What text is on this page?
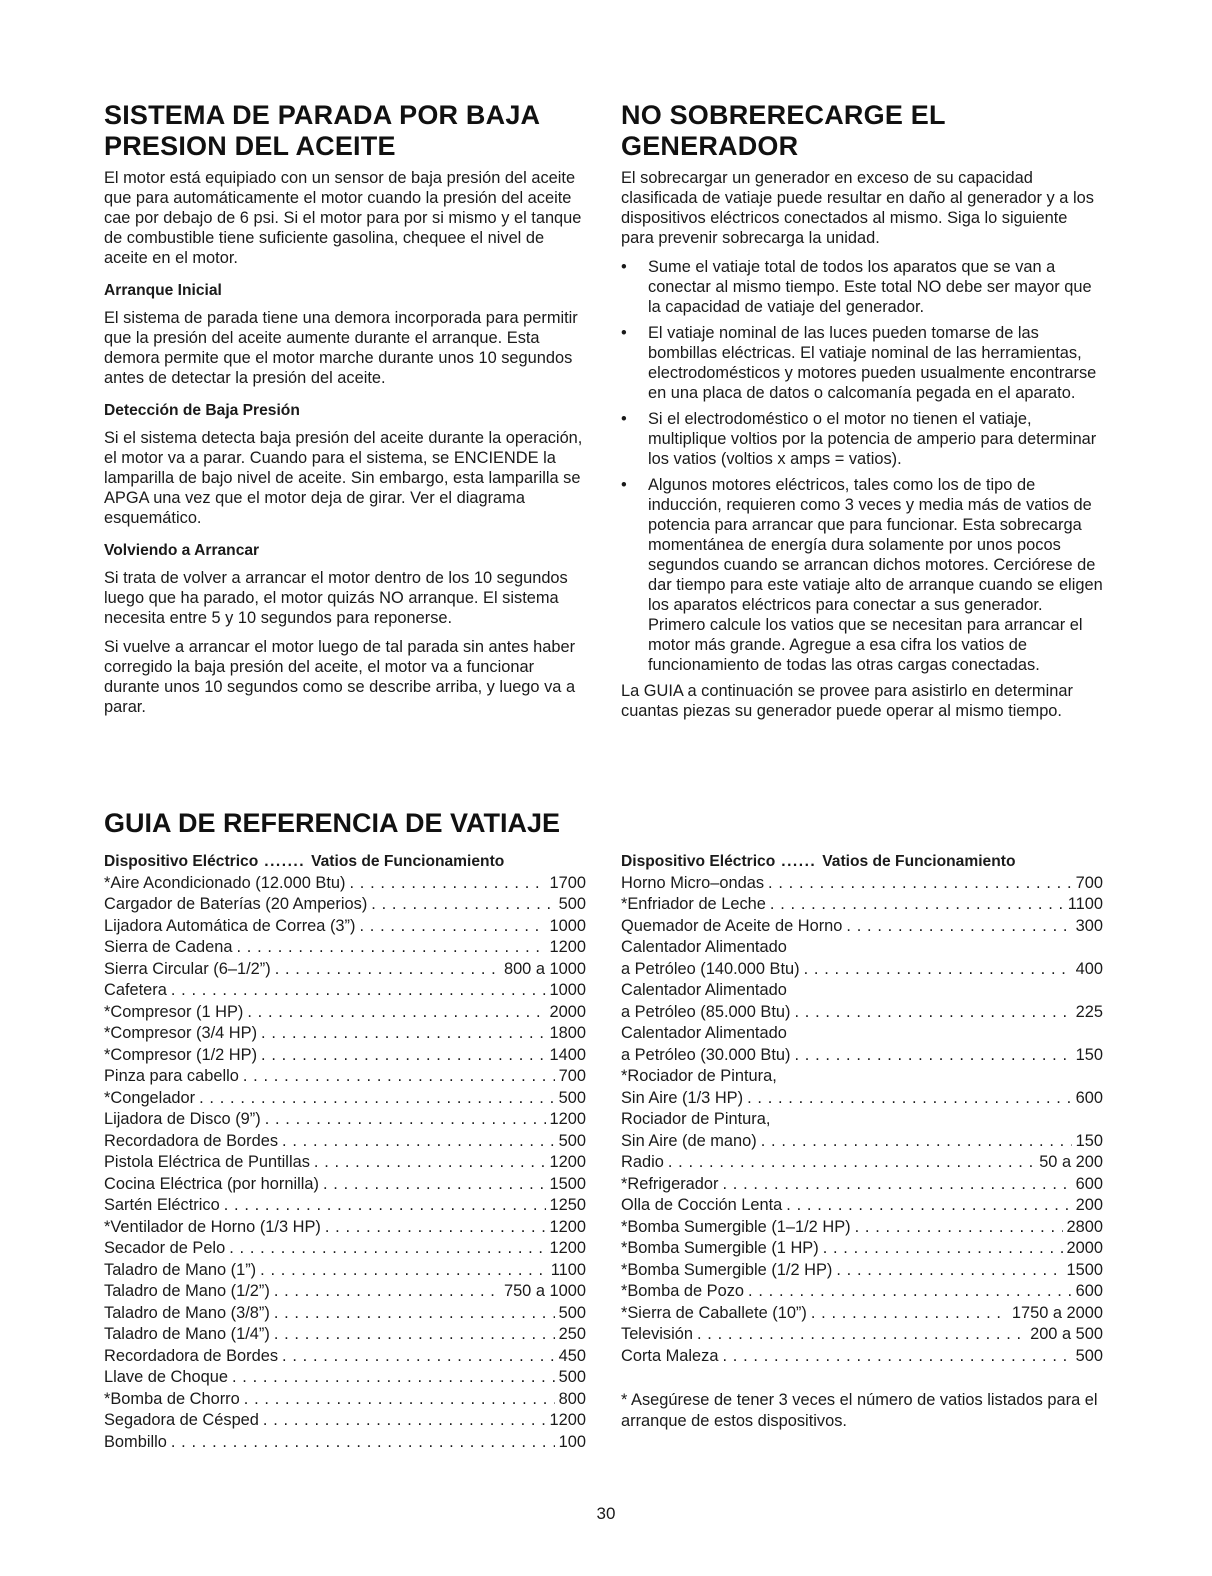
SISTEMA DE PARADA POR BAJA PRESION DEL ACEITE

El motor está equipiado con un sensor de baja presión del aceite que para automáticamente el motor cuando la presión del aceite cae por debajo de 6 psi. Si el motor para por si mismo y el tanque de combustible tiene suficiente gasolina, chequee el nivel de aceite en el motor.

Arranque Inicial

El sistema de parada tiene una demora incorporada para permitir que la presión del aceite aumente durante el arranque. Esta demora permite que el motor marche durante unos 10 segundos antes de detectar la presión del aceite.

Detección de Baja Presión

Si el sistema detecta baja presión del aceite durante la operación, el motor va a parar. Cuando para el sistema, se ENCIENDE la lamparilla de bajo nivel de aceite. Sin embargo, esta lamparilla se APGA una vez que el motor deja de girar. Ver el diagrama esquemático.

Volviendo a Arrancar

Si trata de volver a arrancar el motor dentro de los 10 segundos luego que ha parado, el motor quizás NO arranque. El sistema necesita entre 5 y 10 segundos para reponerse.

Si vuelve a arrancar el motor luego de tal parada sin antes haber corregido la baja presión del aceite, el motor va a funcionar durante unos 10 segundos como se describe arriba, y luego va a parar.

NO SOBRERECARGE EL GENERADOR

El sobrecargar un generador en exceso de su capacidad clasificada de vatiaje puede resultar en daño al generador y a los dispositivos eléctricos conectados al mismo. Siga lo siguiente para prevenir sobrecarga la unidad.

• Sume el vatiaje total de todos los aparatos que se van a conectar al mismo tiempo. Este total NO debe ser mayor que la capacidad de vatiaje del generador.
• El vatiaje nominal de las luces pueden tomarse de las bombillas eléctricas. El vatiaje nominal de las herramientas, electrodomésticos y motores pueden usualmente encontrarse en una placa de datos o calcomanía pegada en el aparato.
• Si el electrodoméstico o el motor no tienen el vatiaje, multiplique voltios por la potencia de amperio para determinar los vatios (voltios x amps = vatios).
• Algunos motores eléctricos, tales como los de tipo de inducción, requieren como 3 veces y media más de vatios de potencia para arrancar que para funcionar. Esta sobrecarga momentánea de energía dura solamente por unos pocos segundos cuando se arrancan dichos motores. Cerciórese de dar tiempo para este vatiaje alto de arranque cuando se eligen los aparatos eléctricos para conectar a sus generador. Primero calcule los vatios que se necesitan para arrancar el motor más grande. Agregue a esa cifra los vatios de funcionamiento de todas las otras cargas conectadas.

La GUIA a continuación se provee para asistirlo en determinar cuantas piezas su generador puede operar al mismo tiempo.

GUIA DE REFERENCIA DE VATIAJE
Dispositivo Eléctrico ....... Vatios de Funcionamiento
*Aire Acondicionado (12.000 Btu) . . .	1700
Cargador de Baterías (20 Amperios) . . .	500
Lijadora Automática de Correa (3”) . . .	1000
Sierra de Cadena . . .	1200
Sierra Circular (6–1/2”) . . .	800 a 1000
Cafetera . . .	1000
*Compresor (1 HP) . . .	2000
*Compresor (3/4 HP) . . .	1800
*Compresor (1/2 HP) . . .	1400
Pinza para cabello . . .	700
*Congelador . . .	500
Lijadora de Disco (9”) . . .	1200
Recordadora de Bordes . . .	500
Pistola Eléctrica de Puntillas . . .	1200
Cocina Eléctrica (por hornilla) . . .	1500
Sartén Eléctrico . . .	1250
*Ventilador de Horno (1/3 HP) . . .	1200
Secador de Pelo . . .	1200
Taladro de Mano (1”) . . .	1100
Taladro de Mano (1/2”) . . .	750 a 1000
Taladro de Mano (3/8”) . . .	500
Taladro de Mano (1/4”) . . .	250
Recordadora de Bordes . . .	450
Llave de Choque . . .	500
*Bomba de Chorro . . .	800
Segadora de Césped . . .	1200
Bombillo . . .	100
Dispositivo Eléctrico ...... Vatios de Funcionamiento
Horno Micro–ondas . . .	700
*Enfriador de Leche . . .	1100
Quemador de Aceite de Horno . . .	300
Calentador Alimentado
a Petróleo (140.000 Btu) . . .	400
Calentador Alimentado
a Petróleo (85.000 Btu) . . .	225
Calentador Alimentado
a Petróleo (30.000 Btu) . . .	150
*Rociador de Pintura,
Sin Aire (1/3 HP) . . .	600
Rociador de Pintura,
Sin Aire (de mano) . . .	150
Radio . . .	50 a 200
*Refrigerador . . .	600
Olla de Cocción Lenta . . .	200
*Bomba Sumergible (1–1/2 HP) . . .	2800
*Bomba Sumergible (1 HP) . . .	2000
*Bomba Sumergible (1/2 HP) . . .	1500
*Bomba de Pozo . . .	600
*Sierra de Caballete (10”) . . .	1750 a 2000
Televisión . . .	200 a 500
Corta Maleza . . .	500

* Asegúrese de tener 3 veces el número de vatios listados para el arranque de estos dispositivos.

30
